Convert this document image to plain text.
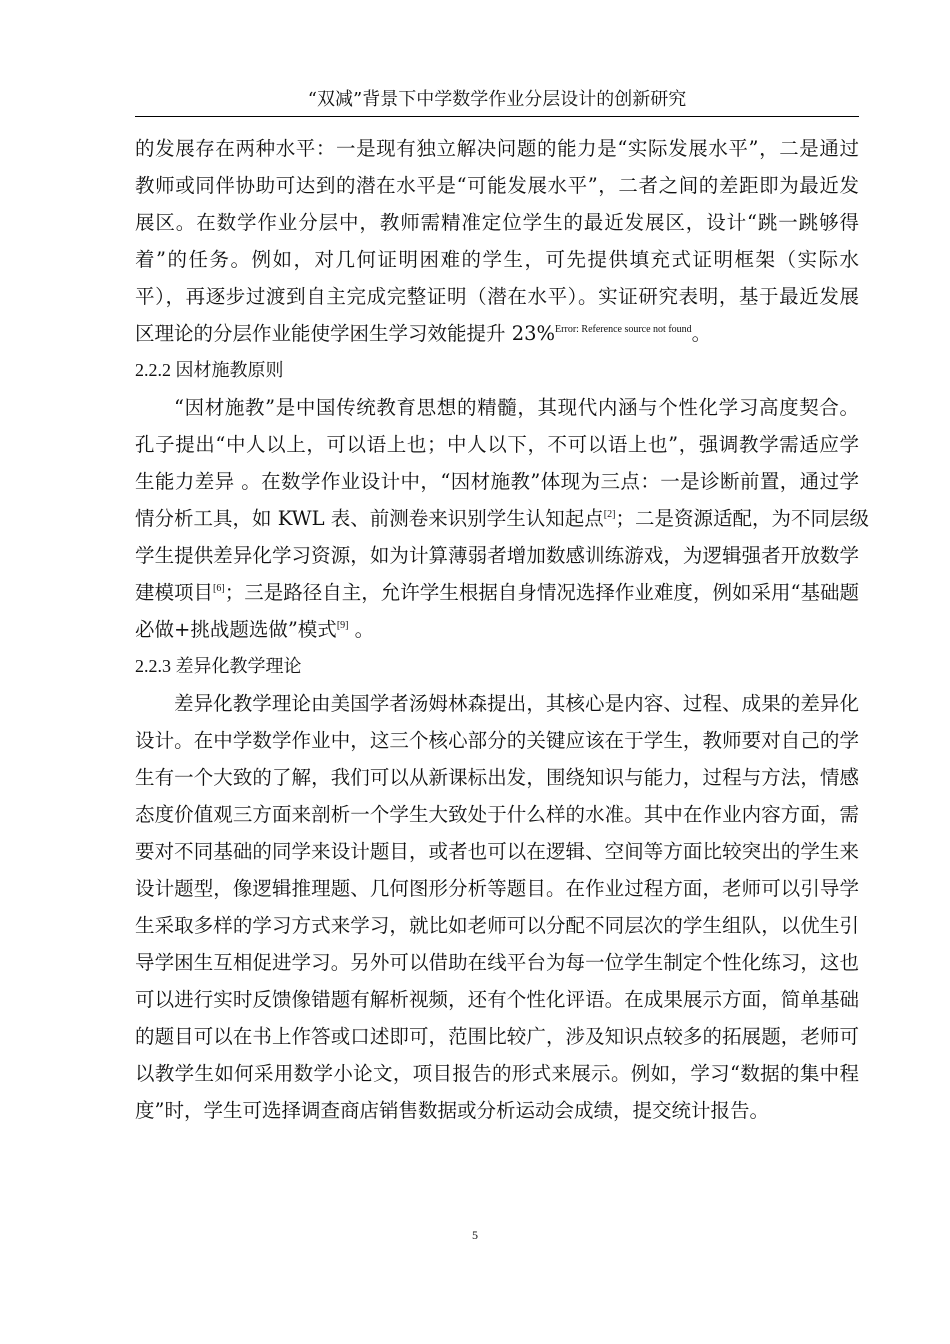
“双减”背景下中学数学作业分层设计的创新研究
的发展存在两种水平：一是现有独立解决问题的能力是“实际发展水平”，二是通过
教师或同伴协助可达到的潜在水平是“可能发展水平”，二者之间的差距即为最近发
展区。在数学作业分层中，教师需精准定位学生的最近发展区，设计“跳一跳够得
着”的任务。例如，对几何证明困难的学生，可先提供填充式证明框架（实际水
平），再逐步过渡到自主完成完整证明（潜在水平）。实证研究表明，基于最近发展
区理论的分层作业能使学困生学习效能提升 23%$^{Error: Reference source not found}$。
2.2.2 因材施教原则
“因材施教”是中国传统教育思想的精髓，其现代内涵与个性化学习高度契合。
孔子提出“中人以上，可以语上也；中人以下，不可以语上也”，强调教学需适应学
生能力差异 。在数学作业设计中，“因材施教”体现为三点：一是诊断前置，通过学
情分析工具，如 KWL 表、前测卷来识别学生认知起点[2]；二是资源适配，为不同层级
学生提供差异化学习资源，如为计算薄弱者增加数感训练游戏，为逻辑强者开放数学
建模项目[6]；三是路径自主，允许学生根据自身情况选择作业难度，例如采用“基础题
必做+挑战题选做”模式[9] 。
2.2.3 差异化教学理论
差异化教学理论由美国学者汤姆林森提出，其核心是内容、过程、成果的差异化
设计。在中学数学作业中，这三个核心部分的关键应该在于学生，教师要对自己的学
生有一个大致的了解，我们可以从新课标出发，围绕知识与能力，过程与方法，情感
态度价值观三方面来剖析一个学生大致处于什么样的水准。其中在作业内容方面，需
要对不同基础的同学来设计题目，或者也可以在逻辑、空间等方面比较突出的学生来
设计题型，像逻辑推理题、几何图形分析等题目。在作业过程方面，老师可以引导学
生采取多样的学习方式来学习，就比如老师可以分配不同层次的学生组队，以优生引
导学困生互相促进学习。另外可以借助在线平台为每一位学生制定个性化练习，这也
可以进行实时反馈像错题有解析视频，还有个性化评语。在成果展示方面，简单基础
的题目可以在书上作答或口述即可，范围比较广，涉及知识点较多的拓展题，老师可
以教学生如何采用数学小论文，项目报告的形式来展示。例如，学习“数据的集中程
度”时，学生可选择调查商店销售数据或分析运动会成绩，提交统计报告。
5
